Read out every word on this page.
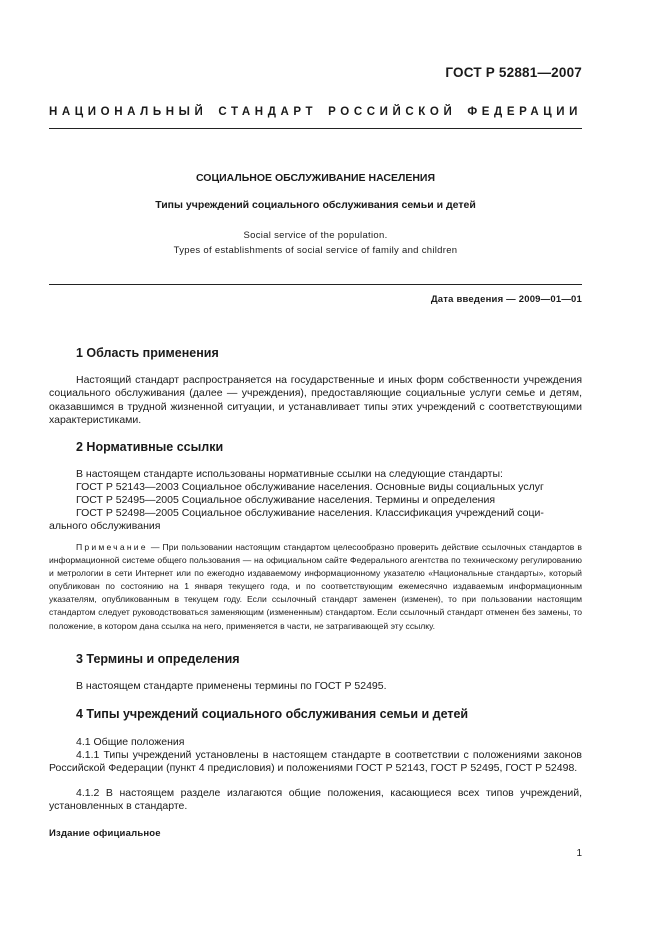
ГОСТ Р 52881—2007
НАЦИОНАЛЬНЫЙ СТАНДАРТ РОССИЙСКОЙ ФЕДЕРАЦИИ
СОЦИАЛЬНОЕ ОБСЛУЖИВАНИЕ НАСЕЛЕНИЯ
Типы учреждений социального обслуживания семьи и детей
Social service of the population.
Types of establishments of social service of family and children
Дата введения — 2009—01—01
1 Область применения
Настоящий стандарт распространяется на государственные и иных форм собственности учреждения социального обслуживания (далее — учреждения), предоставляющие социальные услуги семье и детям, оказавшимся в трудной жизненной ситуации, и устанавливает типы этих учреждений с соответствующими характеристиками.
2 Нормативные ссылки
В настоящем стандарте использованы нормативные ссылки на следующие стандарты:
ГОСТ Р 52143—2003 Социальное обслуживание населения. Основные виды социальных услуг
ГОСТ Р 52495—2005 Социальное обслуживание населения. Термины и определения
ГОСТ Р 52498—2005 Социальное обслуживание населения. Классификация учреждений соци-
ального обслуживания
Примечание — При пользовании настоящим стандартом целесообразно проверить действие ссылочных стандартов в информационной системе общего пользования — на официальном сайте Федерального агентства по техническому регулированию и метрологии в сети Интернет или по ежегодно издаваемому информационному указателю «Национальные стандарты», который опубликован по состоянию на 1 января текущего года, и по соответствующим ежемесячно издаваемым информационным указателям, опубликованным в текущем году. Если ссылочный стандарт заменен (изменен), то при пользовании настоящим стандартом следует руководствоваться заменяющим (измененным) стандартом. Если ссылочный стандарт отменен без замены, то положение, в котором дана ссылка на него, применяется в части, не затрагивающей эту ссылку.
3 Термины и определения
В настоящем стандарте применены термины по ГОСТ Р 52495.
4 Типы учреждений социального обслуживания семьи и детей
4.1 Общие положения
4.1.1 Типы учреждений установлены в настоящем стандарте в соответствии с положениями законов Российской Федерации (пункт 4 предисловия) и положениями ГОСТ Р 52143, ГОСТ Р 52495, ГОСТ Р 52498.
4.1.2 В настоящем разделе излагаются общие положения, касающиеся всех типов учреждений, установленных в стандарте.
Издание официальное
1
